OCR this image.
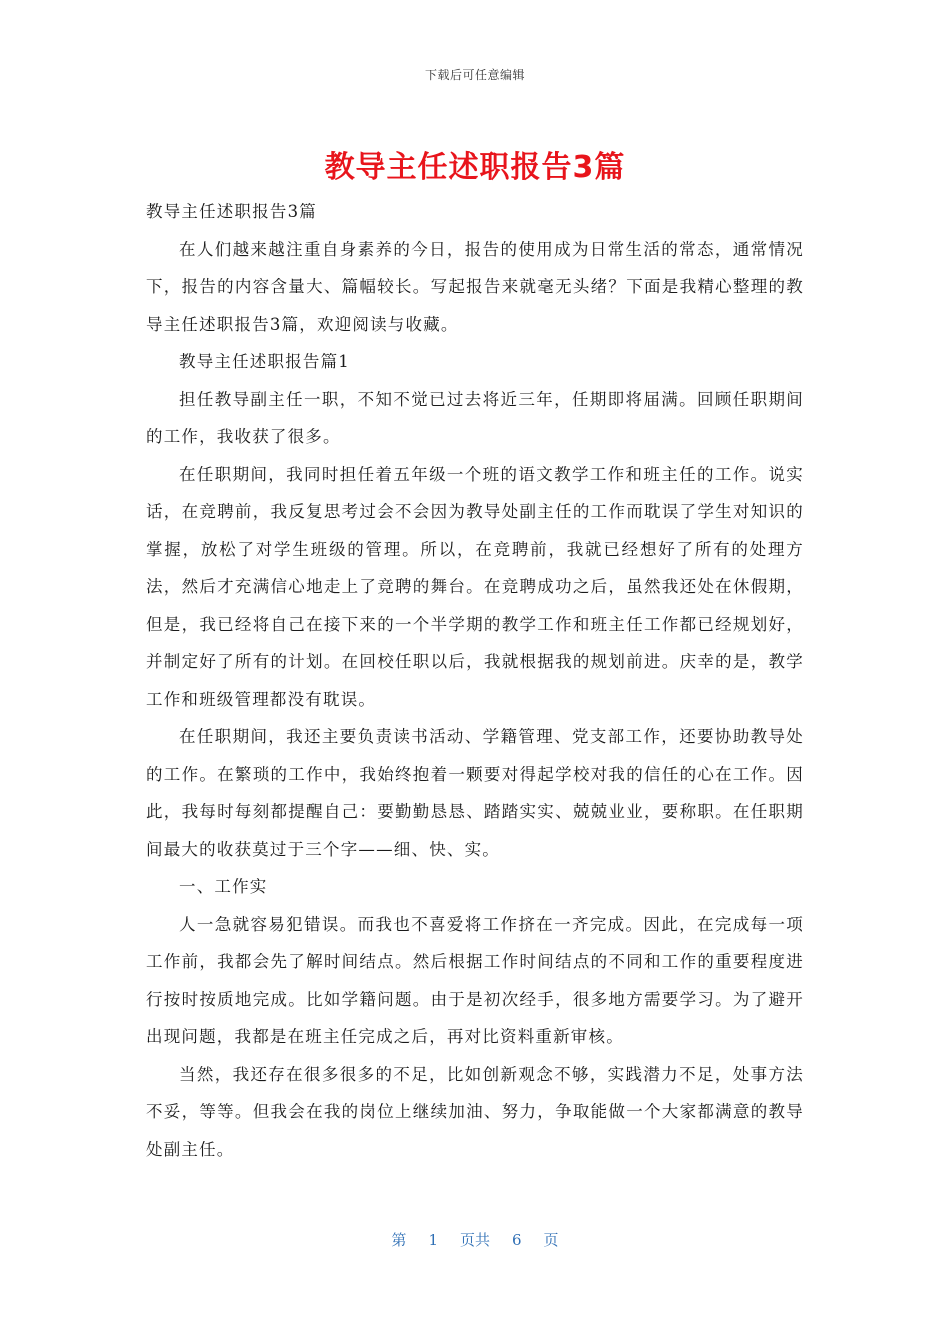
下载后可任意编辑
教导主任述职报告3篇

教导主任述职报告3篇

在人们越来越注重自身素养的今日，报告的使用成为日常生活的常态，通常情况下，报告的内容含量大、篇幅较长。写起报告来就毫无头绪？下面是我精心整理的教导主任述职报告3篇，欢迎阅读与收藏。

教导主任述职报告篇1

担任教导副主任一职，不知不觉已过去将近三年，任期即将届满。回顾任职期间的工作，我收获了很多。

在任职期间，我同时担任着五年级一个班的语文教学工作和班主任的工作。说实话，在竞聘前，我反复思考过会不会因为教导处副主任的工作而耽误了学生对知识的掌握，放松了对学生班级的管理。所以，在竞聘前，我就已经想好了所有的处理方法，然后才充满信心地走上了竞聘的舞台。在竞聘成功之后，虽然我还处在休假期，但是，我已经将自己在接下来的一个半学期的教学工作和班主任工作都已经规划好，并制定好了所有的计划。在回校任职以后，我就根据我的规划前进。庆幸的是，教学工作和班级管理都没有耽误。

在任职期间，我还主要负责读书活动、学籍管理、党支部工作，还要协助教导处的工作。在繁琐的工作中，我始终抱着一颗要对得起学校对我的信任的心在工作。因此，我每时每刻都提醒自己：要勤勤恳恳、踏踏实实、兢兢业业，要称职。在任职期间最大的收获莫过于三个字——细、快、实。

一、工作实

人一急就容易犯错误。而我也不喜爱将工作挤在一齐完成。因此，在完成每一项工作前，我都会先了解时间结点。然后根据工作时间结点的不同和工作的重要程度进行按时按质地完成。比如学籍问题。由于是初次经手，很多地方需要学习。为了避开出现问题，我都是在班主任完成之后，再对比资料重新审核。

当然，我还存在很多很多的不足，比如创新观念不够，实践潜力不足，处事方法不妥，等等。但我会在我的岗位上继续加油、努力，争取能做一个大家都满意的教导处副主任。

第 1 页共 6 页
